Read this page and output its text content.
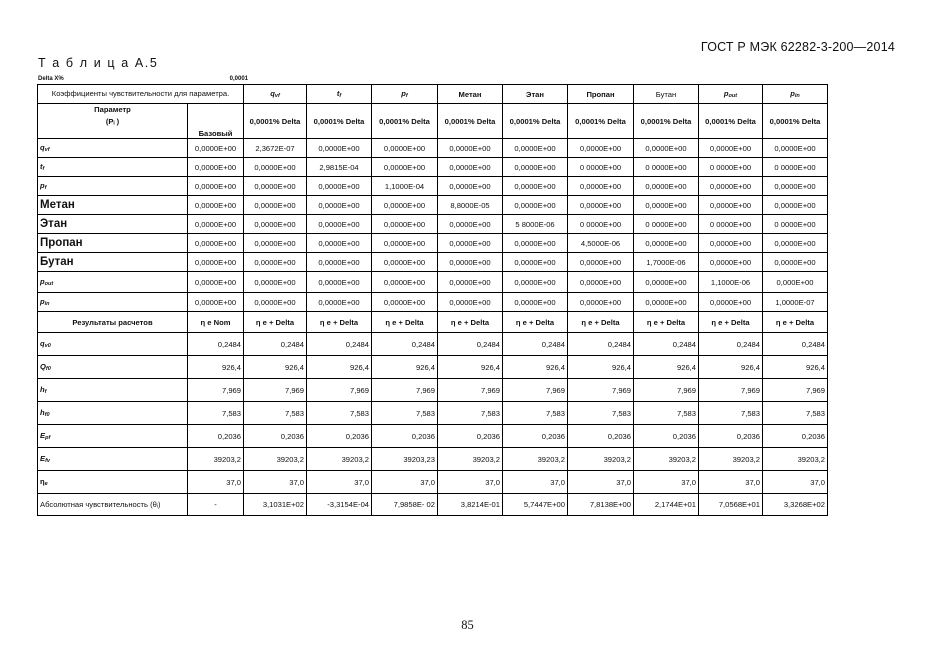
ГОСТ Р МЭК 62282-3-200—2014
Т а б л и ц а А.5
Delta X%	0,0001
Коэффициенты чувствительности для параметра.		qvf	tf	pf	Метан	Этан	Пропан	Бутан	pout	pin

Параметр
(Pᵢ )	Базовый	0,0001% Delta	0,0001% Delta	0,0001% Delta	0,0001% Delta	0,0001% Delta	0,0001% Delta	0,0001% Delta	0,0001% Delta	0,0001% Delta
qvf	0,0000E+00	2,3672E-07	0,0000E+00	0,0000E+00	0,0000E+00	0,0000E+00	0,0000E+00	0,0000E+00	0,0000E+00	0,0000E+00
tf	0,0000E+00	0,0000E+00	2,9815E-04	0,0000E+00	0,0000E+00	0,0000E+00	0 0000E+00	0 0000E+00	0 0000E+00	0 0000E+00
pf	0,0000E+00	0,0000E+00	0,0000E+00	1,1000E-04	0,0000E+00	0,0000E+00	0,0000E+00	0,0000E+00	0,0000E+00	0,0000E+00
Метан	0,0000E+00	0,0000E+00	0,0000E+00	0,0000E+00	8,8000E-05	0,0000E+00	0,0000E+00	0,0000E+00	0,0000E+00	0,0000E+00
Этан	0,0000E+00	0,0000E+00	0,0000E+00	0,0000E+00	0,0000E+00	5 8000E-06	0 0000E+00	0 0000E+00	0 0000E+00	0 0000E+00
Пропан	0,0000E+00	0,0000E+00	0,0000E+00	0,0000E+00	0,0000E+00	0,0000E+00	4,5000E-06	0,0000E+00	0,0000E+00	0,0000E+00
Бутан	0,0000E+00	0,0000E+00	0,0000E+00	0,0000E+00	0,0000E+00	0,0000E+00	0,0000E+00	1,7000E-06	0,0000E+00	0,0000E+00
pout	0,0000E+00	0,0000E+00	0,0000E+00	0,0000E+00	0,0000E+00	0,0000E+00	0,0000E+00	0,0000E+00	1,1000E-06	0,000E+00
pin	0,0000E+00	0,0000E+00	0,0000E+00	0,0000E+00	0,0000E+00	0,0000E+00	0,0000E+00	0,0000E+00	0,0000E+00	1,0000E-07
Результаты расчетов	η e Nom	η e + Delta	η e + Delta	η e + Delta	η e + Delta	η e + Delta	η e + Delta	η e + Delta	η e + Delta	η e + Delta
qv0	0,2484	0,2484	0,2484	0,2484	0,2484	0,2484	0,2484	0,2484	0,2484	0,2484
Qf0	926,4	926,4	926,4	926,4	926,4	926,4	926,4	926,4	926,4	926,4
hf	7,969	7,969	7,969	7,969	7,969	7,969	7,969	7,969	7,969	7,969
hf0	7,583	7,583	7,583	7,583	7,583	7,583	7,583	7,583	7,583	7,583
Epf	0,2036	0,2036	0,2036	0,2036	0,2036	0,2036	0,2036	0,2036	0,2036	0,2036
Efv	39203,2	39203,2	39203,2	39203,23	39203,2	39203,2	39203,2	39203,2	39203,2	39203,2
ηe	37,0	37,0	37,0	37,0	37,0	37,0	37,0	37,0	37,0	37,0
Абсолютная чувствительность (θᵢ)	-	3,1031E+02	-3,3154E-04	7,9858E- 02	3,8214E-01	5,7447E+00	7,8138E+00	2,1744E+01	7,0568E+01	3,3268E+02
85
